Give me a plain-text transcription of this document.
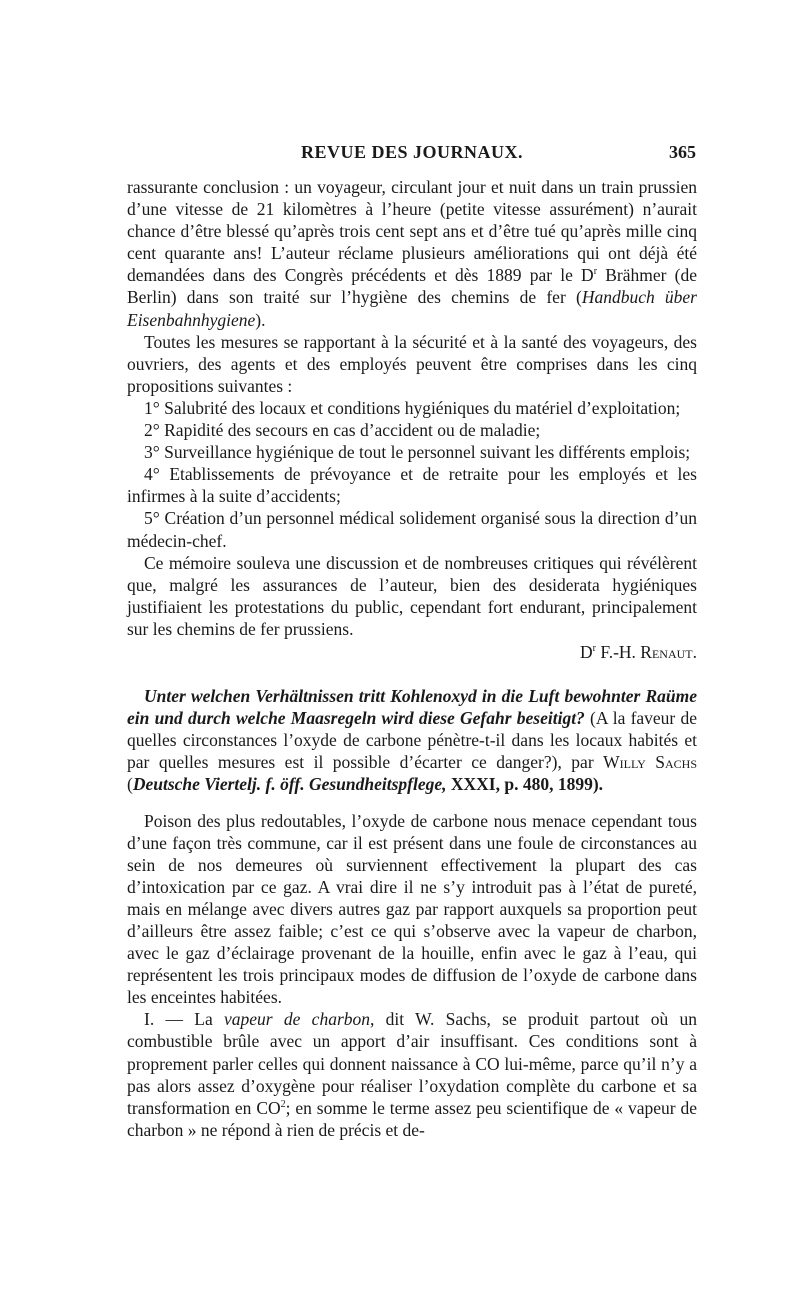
REVUE DES JOURNAUX.	365

rassurante conclusion : un voyageur, circulant jour et nuit dans un train prussien d’une vitesse de 21 kilomètres à l’heure (petite vitesse assurément) n’aurait chance d’être blessé qu’après trois cent sept ans et d’être tué qu’après mille cinq cent quarante ans! L’auteur réclame plusieurs améliorations qui ont déjà été demandées dans des Congrès précédents et dès 1889 par le $D^r$ Brähmer (de Berlin) dans son traité sur l’hygiène des chemins de fer (Handbuch über Eisenbahnhygiene).

Toutes les mesures se rapportant à la sécurité et à la santé des voyageurs, des ouvriers, des agents et des employés peuvent être comprises dans les cinq propositions suivantes :

1° Salubrité des locaux et conditions hygiéniques du matériel d’exploitation;

2° Rapidité des secours en cas d’accident ou de maladie;

3° Surveillance hygiénique de tout le personnel suivant les différents emplois;

4° Etablissements de prévoyance et de retraite pour les employés et les infirmes à la suite d’accidents;

5° Création d’un personnel médical solidement organisé sous la direction d’un médecin-chef.

Ce mémoire souleva une discussion et de nombreuses critiques qui révélèrent que, malgré les assurances de l’auteur, bien des desiderata hygiéniques justifiaient les protestations du public, cependant fort endurant, principalement sur les chemins de fer prussiens.

$D^r$ F.-H. Renaut.

Unter welchen Verhältnissen tritt Kohlenoxyd in die Luft bewohnter Raüme ein und durch welche Maasregeln wird diese Gefahr beseitigt? (A la faveur de quelles circonstances l’oxyde de carbone pénètre-t-il dans les locaux habités et par quelles mesures est il possible d’écarter ce danger?), par Willy Sachs (Deutsche Viertelj. f. öff. Gesundheitspflege, XXXI, p. 480, 1899).

Poison des plus redoutables, l’oxyde de carbone nous menace cependant tous d’une façon très commune, car il est présent dans une foule de circonstances au sein de nos demeures où surviennent effectivement la plupart des cas d’intoxication par ce gaz. A vrai dire il ne s’y introduit pas à l’état de pureté, mais en mélange avec divers autres gaz par rapport auxquels sa proportion peut d’ailleurs être assez faible; c’est ce qui s’observe avec la vapeur de charbon, avec le gaz d’éclairage provenant de la houille, enfin avec le gaz à l’eau, qui représentent les trois principaux modes de diffusion de l’oxyde de carbone dans les enceintes habitées.

I. — La vapeur de charbon, dit W. Sachs, se produit partout où un combustible brûle avec un apport d’air insuffisant. Ces conditions sont à proprement parler celles qui donnent naissance à CO lui-même, parce qu’il n’y a pas alors assez d’oxygène pour réaliser l’oxydation complète du carbone et sa transformation en $CO^2$; en somme le terme assez peu scientifique de « vapeur de charbon » ne répond à rien de précis et de-
